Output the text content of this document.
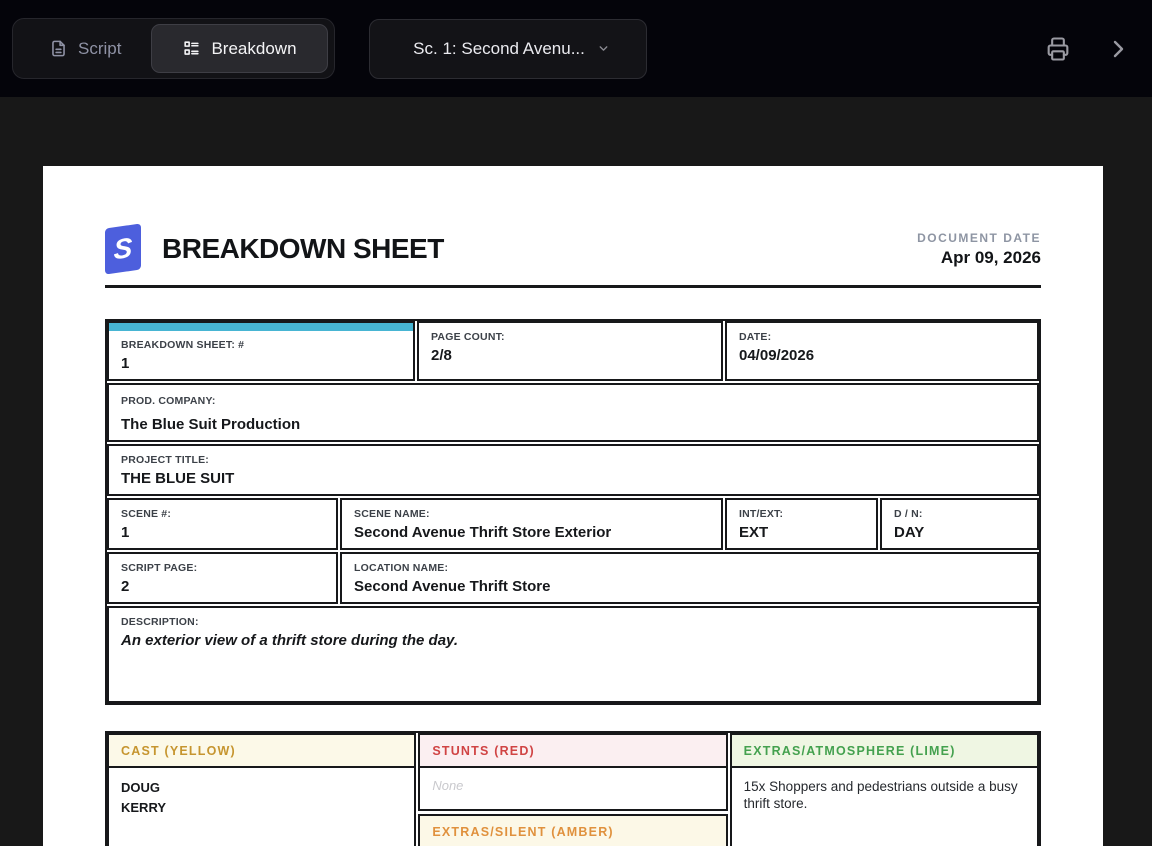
Script	Breakdown	Sc. 1: Second Avenu...
S	BREAKDOWN SHEET	DOCUMENT DATE
Apr 09, 2026
BREAKDOWN SHEET: #
1
PAGE COUNT:
2/8
DATE:
04/09/2026
PROD. COMPANY:
The Blue Suit Production
PROJECT TITLE:
THE BLUE SUIT
SCENE #:
1
SCENE NAME:
Second Avenue Thrift Store Exterior
INT/EXT:
EXT
D / N:
DAY
SCRIPT PAGE:
2
LOCATION NAME:
Second Avenue Thrift Store
DESCRIPTION:
An exterior view of a thrift store during the day.
CAST (YELLOW)
DOUG
KERRY
STUNTS (RED)
None
EXTRAS/SILENT (AMBER)
EXTRAS/ATMOSPHERE (LIME)
15x Shoppers and pedestrians outside a busy thrift store.
